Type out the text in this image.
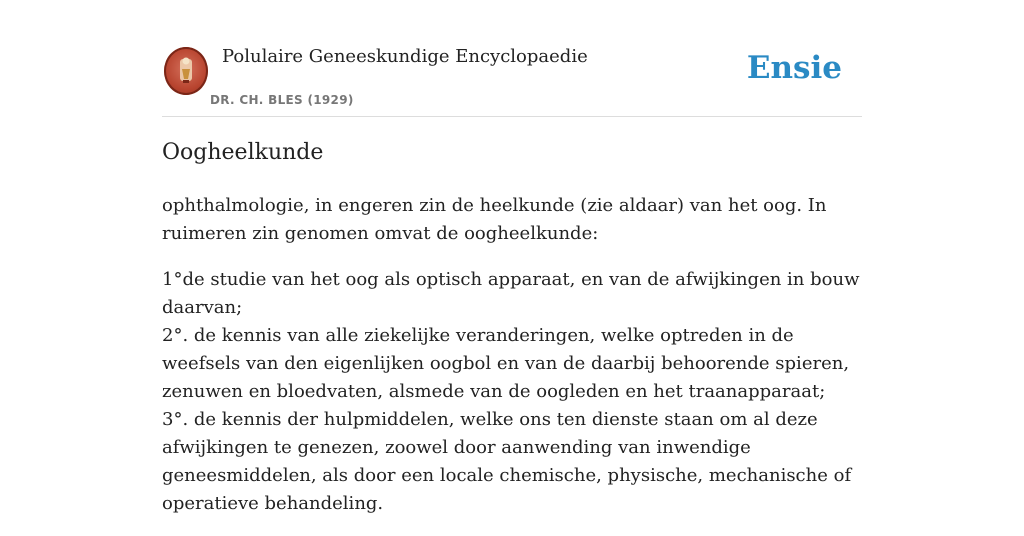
Polulaire Geneeskundige Encyclopaedie
DR. CH. BLES (1929)
Ensie
Oogheelkunde

ophthalmologie, in engeren zin de heelkunde (zie aldaar) van het oog. In ruimeren zin genomen omvat de oogheelkunde:

1°de studie van het oog als optisch apparaat, en van de afwijkingen in bouw daarvan;
2°. de kennis van alle ziekelijke veranderingen, welke optreden in de weefsels van den eigenlijken oogbol en van de daarbij behoorende spieren, zenuwen en bloedvaten, alsmede van de oogleden en het traanapparaat;
3°. de kennis der hulpmiddelen, welke ons ten dienste staan om al deze afwijkingen te genezen, zoowel door aanwending van inwendige geneesmiddelen, als door een locale chemische, physische, mechanische of operatieve behandeling.
